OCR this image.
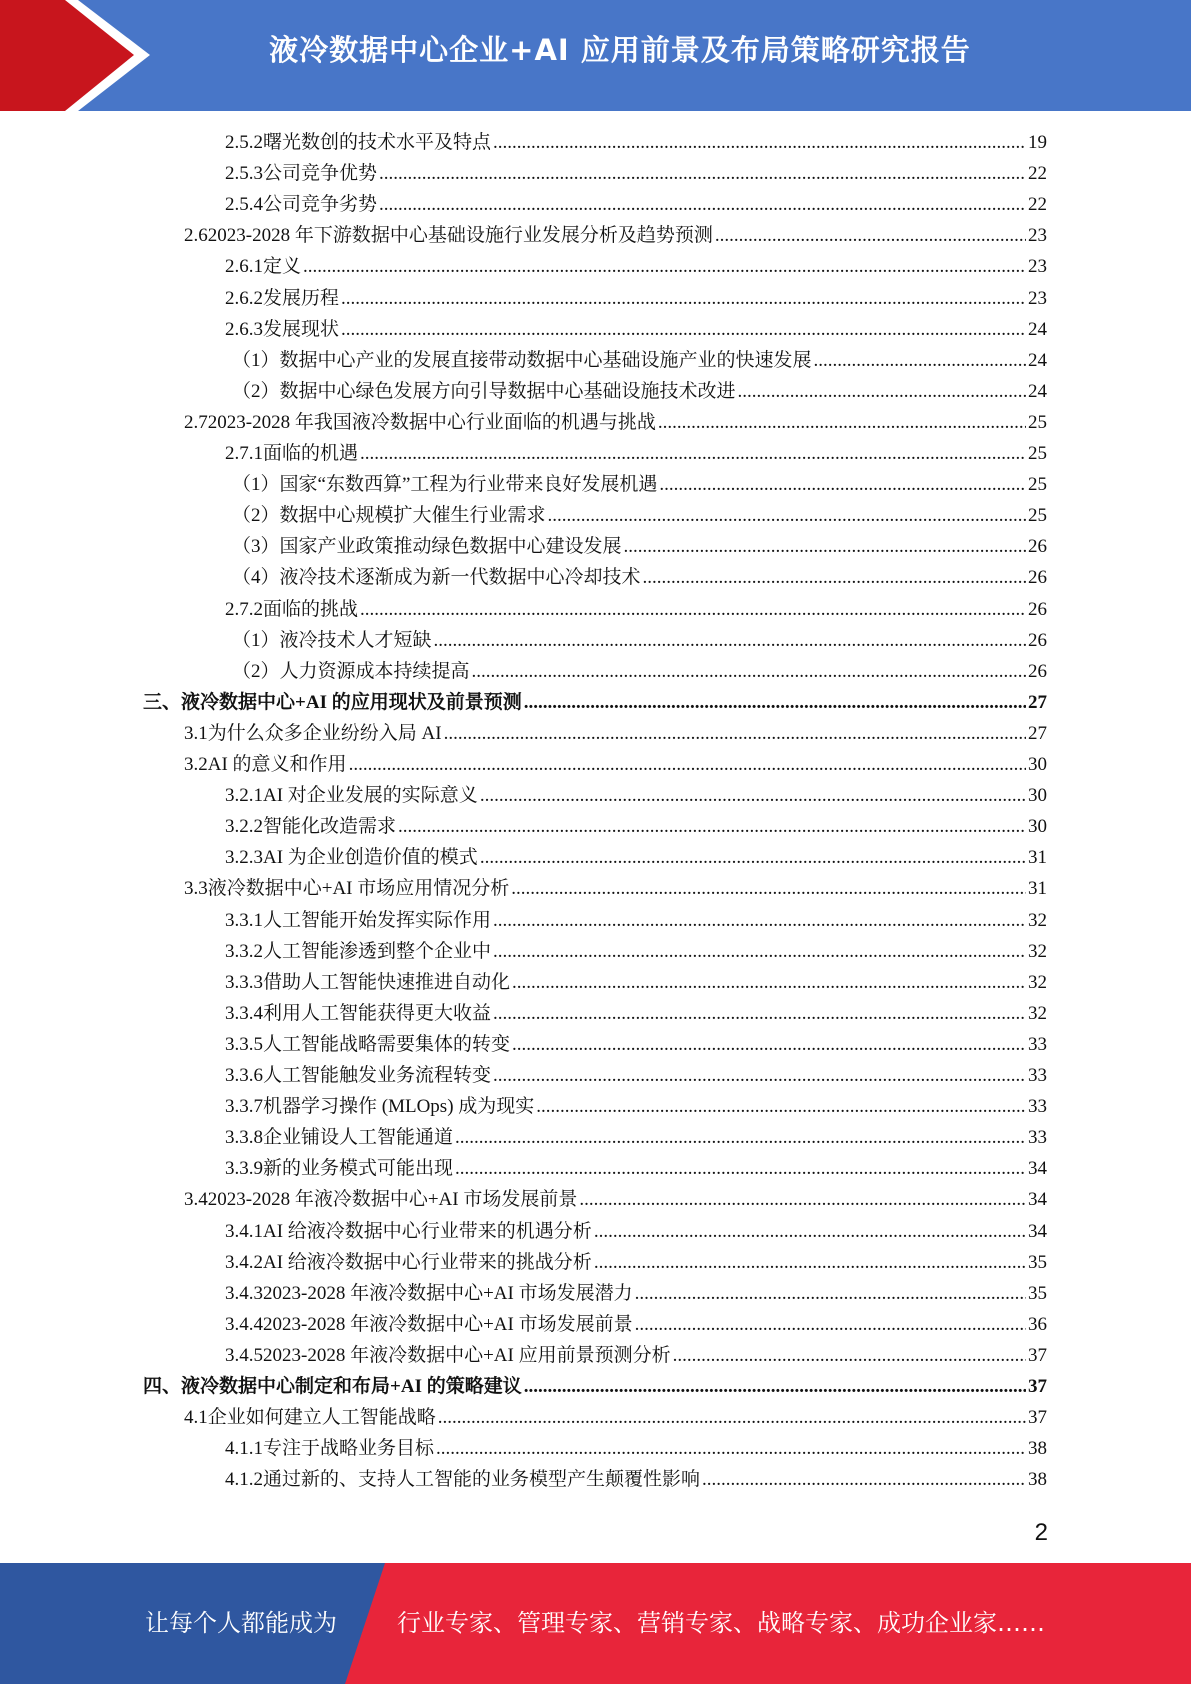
液冷数据中心企业+AI 应用前景及布局策略研究报告
2.5.2 曙光数创的技术水平及特点 .....	19
2.5.3 公司竞争优势 .....	22
2.5.4 公司竞争劣势 .....	22
2.6 2023-2028 年下游数据中心基础设施行业发展分析及趋势预测 .....	23
2.6.1 定义 .....	23
2.6.2 发展历程 .....	23
2.6.3 发展现状 .....	24
（1） 数据中心产业的发展直接带动数据中心基础设施产业的快速发展 .....	24
（2） 数据中心绿色发展方向引导数据中心基础设施技术改进 .....	24
2.7 2023-2028 年我国液冷数据中心行业面临的机遇与挑战 .....	25
2.7.1 面临的机遇 .....	25
（1） 国家“东数西算”工程为行业带来良好发展机遇 .....	25
（2） 数据中心规模扩大催生行业需求 .....	25
（3） 国家产业政策推动绿色数据中心建设发展 .....	26
（4） 液冷技术逐渐成为新一代数据中心冷却技术 .....	26
2.7.2 面临的挑战 .....	26
（1） 液冷技术人才短缺 .....	26
（2） 人力资源成本持续提高 .....	26
三、 液冷数据中心+AI 的应用现状及前景预测 .....	27
3.1 为什么众多企业纷纷入局 AI .....	27
3.2 AI 的意义和作用 .....	30
3.2.1 AI 对企业发展的实际意义 .....	30
3.2.2 智能化改造需求 .....	30
3.2.3 AI 为企业创造价值的模式 .....	31
3.3 液冷数据中心+AI 市场应用情况分析 .....	31
3.3.1 人工智能开始发挥实际作用 .....	32
3.3.2 人工智能渗透到整个企业中 .....	32
3.3.3 借助人工智能快速推进自动化 .....	32
3.3.4 利用人工智能获得更大收益 .....	32
3.3.5 人工智能战略需要集体的转变 .....	33
3.3.6 人工智能触发业务流程转变 .....	33
3.3.7 机器学习操作 (MLOps) 成为现实 .....	33
3.3.8 企业铺设人工智能通道 .....	33
3.3.9 新的业务模式可能出现 .....	34
3.4 2023-2028 年液冷数据中心+AI 市场发展前景 .....	34
3.4.1 AI 给液冷数据中心行业带来的机遇分析 .....	34
3.4.2 AI 给液冷数据中心行业带来的挑战分析 .....	35
3.4.3 2023-2028 年液冷数据中心+AI 市场发展潜力 .....	35
3.4.4 2023-2028 年液冷数据中心+AI 市场发展前景 .....	36
3.4.5 2023-2028 年液冷数据中心+AI 应用前景预测分析 .....	37
四、 液冷数据中心制定和布局+AI 的策略建议 .....	37
4.1 企业如何建立人工智能战略 .....	37
4.1.1 专注于战略业务目标 .....	38
4.1.2 通过新的、支持人工智能的业务模型产生颠覆性影响 .....	38
2
让每个人都能成为	行业专家、管理专家、营销专家、战略专家、成功企业家……
